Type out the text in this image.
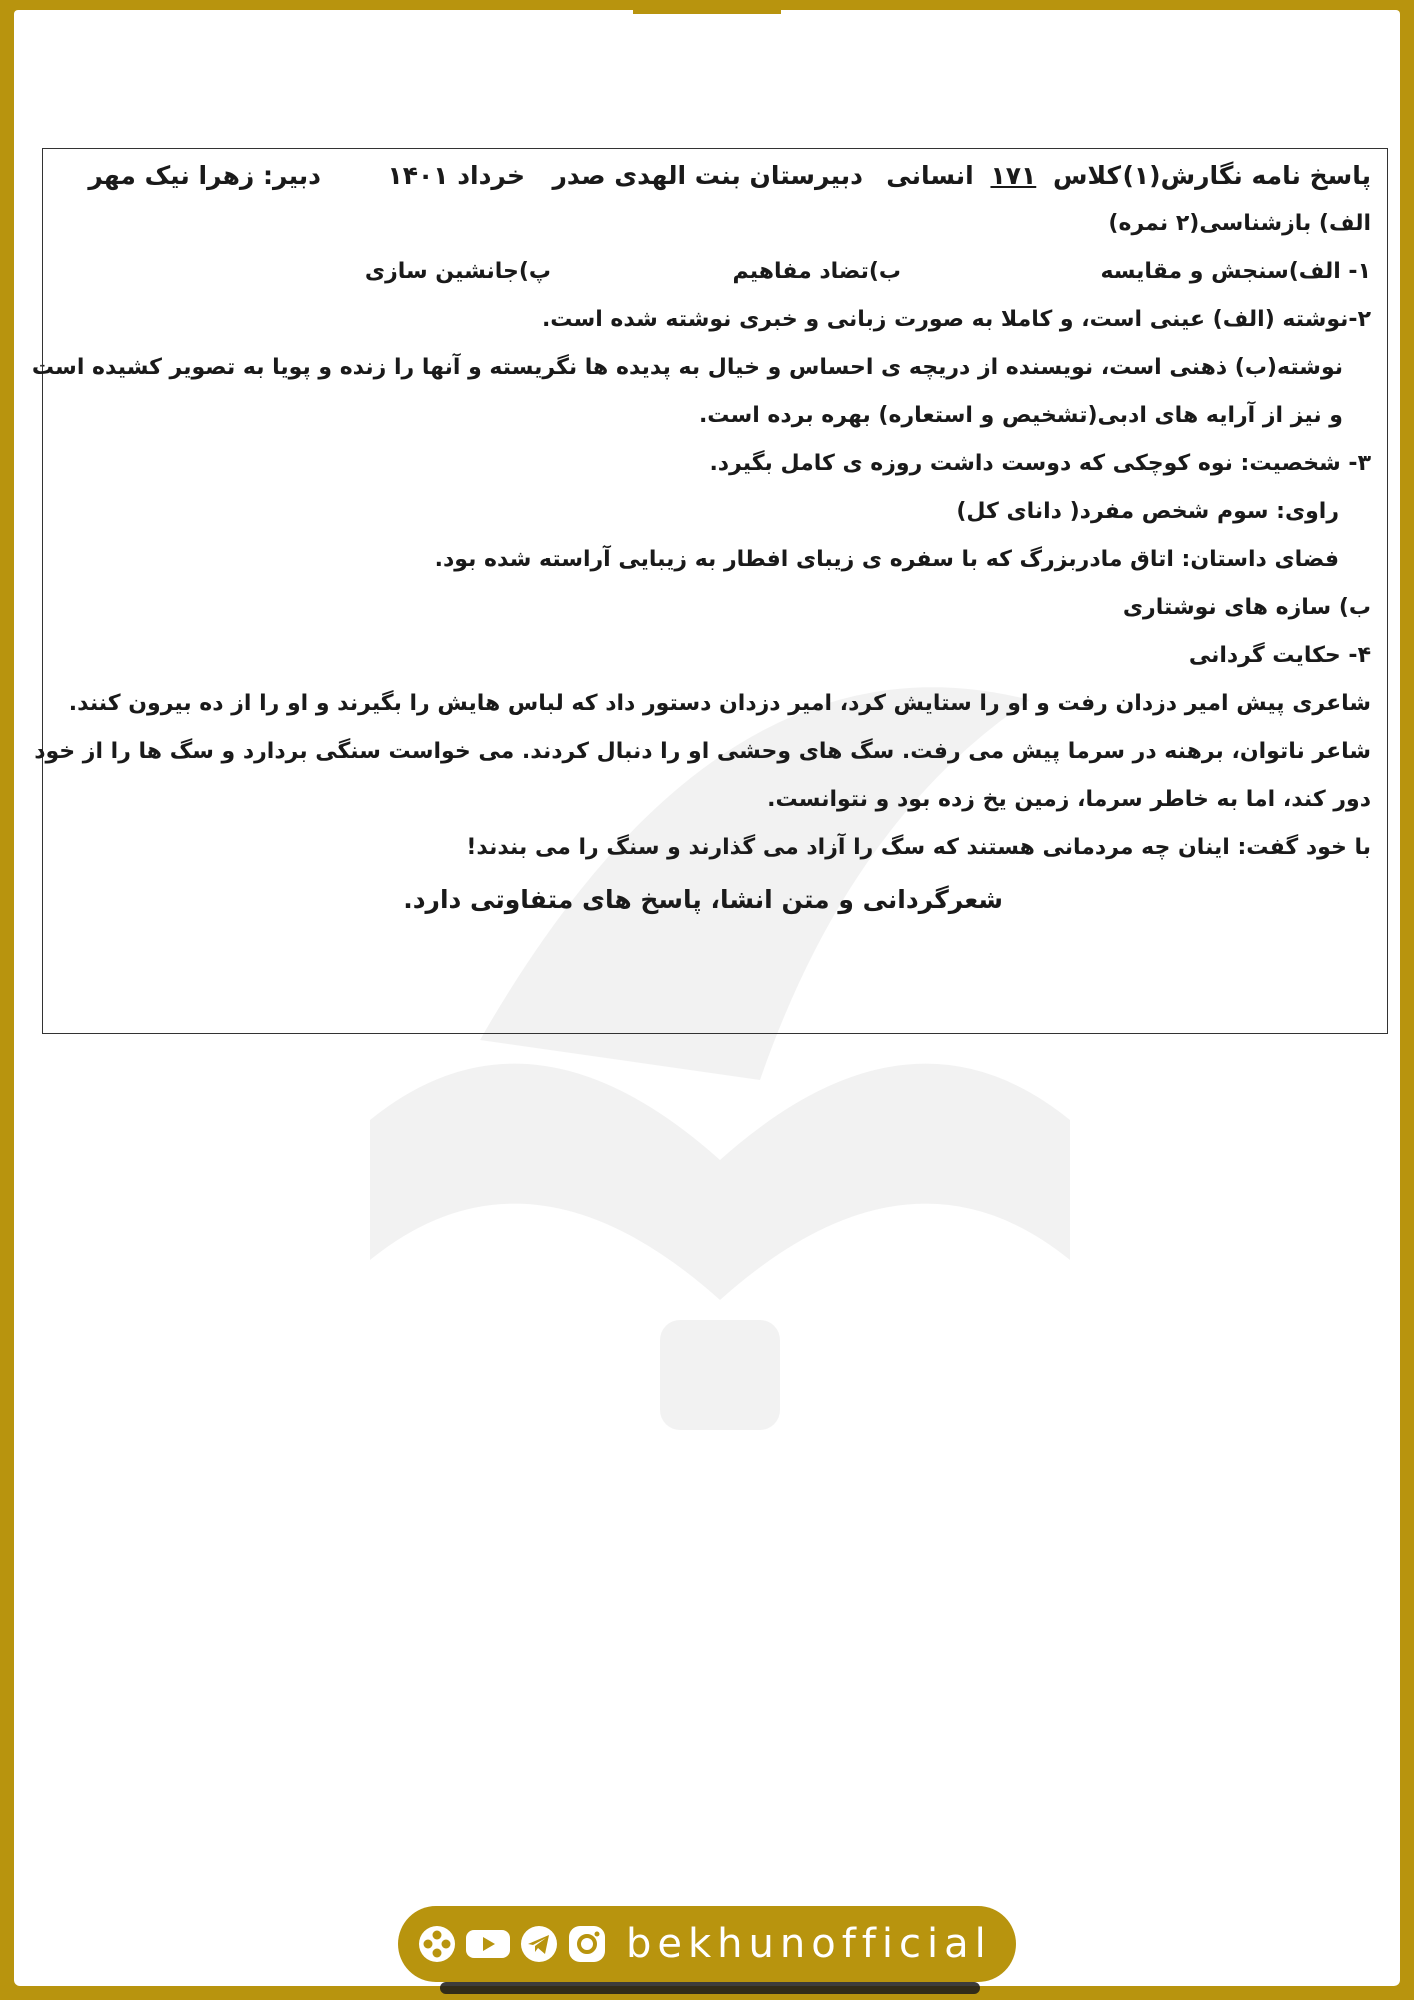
پاسخ نامه نگارش(۱)
کلاس ۱۷۱ انسانی
دبیرستان بنت الهدی صدر
خرداد ۱۴۰۱
دبیر: زهرا نیک مهر
الف) بازشناسی(۲ نمره)
۱- الف)سنجش و مقایسه
ب)تضاد مفاهیم
پ)جانشین سازی
۲-نوشته (الف) عینی است، و کاملا به صورت زبانی و خبری نوشته شده است.
نوشته(ب) ذهنی است، نویسنده از دریچه ی احساس و خیال به پدیده ها نگریسته و آنها را زنده و پویا به تصویر کشیده است
و نیز از آرایه های ادبی(تشخیص و استعاره) بهره برده است.
۳- شخصیت: نوه کوچکی که دوست داشت روزه ی کامل بگیرد.
راوی: سوم شخص مفرد( دانای کل)
فضای داستان: اتاق مادربزرگ که با سفره ی زیبای افطار به زیبایی آراسته شده بود.
ب) سازه های نوشتاری
۴- حکایت گردانی
شاعری پیش امیر دزدان رفت و او را ستایش کرد، امیر دزدان دستور داد که لباس هایش را بگیرند و او را از ده بیرون کنند.
شاعر ناتوان، برهنه در سرما پیش می رفت. سگ های وحشی او را دنبال کردند. می خواست سنگی بردارد و سگ ها را از خود
دور کند، اما به خاطر سرما، زمین یخ زده بود و نتوانست.
با خود گفت: اینان چه مردمانی هستند که سگ را آزاد می گذارند و سنگ را می بندند!
شعرگردانی و متن انشا، پاسخ های متفاوتی دارد.
bekhunofficial
